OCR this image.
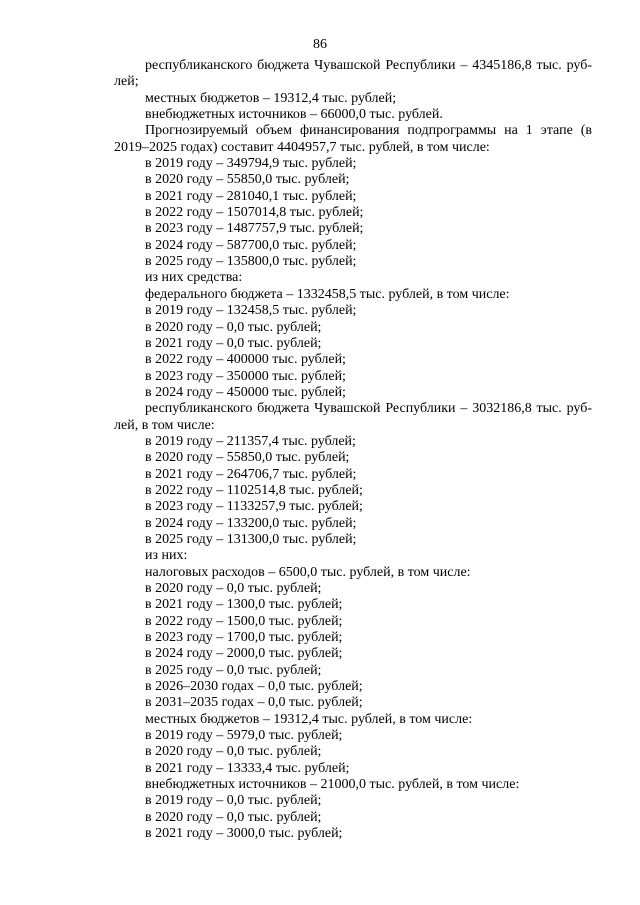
86
республиканского бюджета Чувашской Республики – 4345186,8 тыс. руб-
лей;
местных бюджетов – 19312,4 тыс. рублей;
внебюджетных источников – 66000,0 тыс. рублей.
Прогнозируемый объем финансирования подпрограммы на 1 этапе (в
2019–2025 годах) составит 4404957,7 тыс. рублей, в том числе:
в 2019 году – 349794,9 тыс. рублей;
в 2020 году – 55850,0 тыс. рублей;
в 2021 году – 281040,1 тыс. рублей;
в 2022 году – 1507014,8 тыс. рублей;
в 2023 году – 1487757,9 тыс. рублей;
в 2024 году – 587700,0 тыс. рублей;
в 2025 году – 135800,0 тыс. рублей;
из них средства:
федерального бюджета – 1332458,5 тыс. рублей, в том числе:
в 2019 году – 132458,5 тыс. рублей;
в 2020 году – 0,0 тыс. рублей;
в 2021 году – 0,0 тыс. рублей;
в 2022 году – 400000 тыс. рублей;
в 2023 году – 350000 тыс. рублей;
в 2024 году – 450000 тыс. рублей;
республиканского бюджета Чувашской Республики – 3032186,8 тыс. руб-
лей, в том числе:
в 2019 году – 211357,4 тыс. рублей;
в 2020 году – 55850,0 тыс. рублей;
в 2021 году – 264706,7 тыс. рублей;
в 2022 году – 1102514,8 тыс. рублей;
в 2023 году – 1133257,9 тыс. рублей;
в 2024 году – 133200,0 тыс. рублей;
в 2025 году – 131300,0 тыс. рублей;
из них:
налоговых расходов – 6500,0 тыс. рублей, в том числе:
в 2020 году – 0,0 тыс. рублей;
в 2021 году – 1300,0 тыс. рублей;
в 2022 году – 1500,0 тыс. рублей;
в 2023 году – 1700,0 тыс. рублей;
в 2024 году – 2000,0 тыс. рублей;
в 2025 году – 0,0 тыс. рублей;
в 2026–2030 годах – 0,0 тыс. рублей;
в 2031–2035 годах – 0,0 тыс. рублей;
местных бюджетов – 19312,4 тыс. рублей, в том числе:
в 2019 году – 5979,0 тыс. рублей;
в 2020 году – 0,0 тыс. рублей;
в 2021 году – 13333,4 тыс. рублей;
внебюджетных источников – 21000,0 тыс. рублей, в том числе:
в 2019 году – 0,0 тыс. рублей;
в 2020 году – 0,0 тыс. рублей;
в 2021 году – 3000,0 тыс. рублей;
